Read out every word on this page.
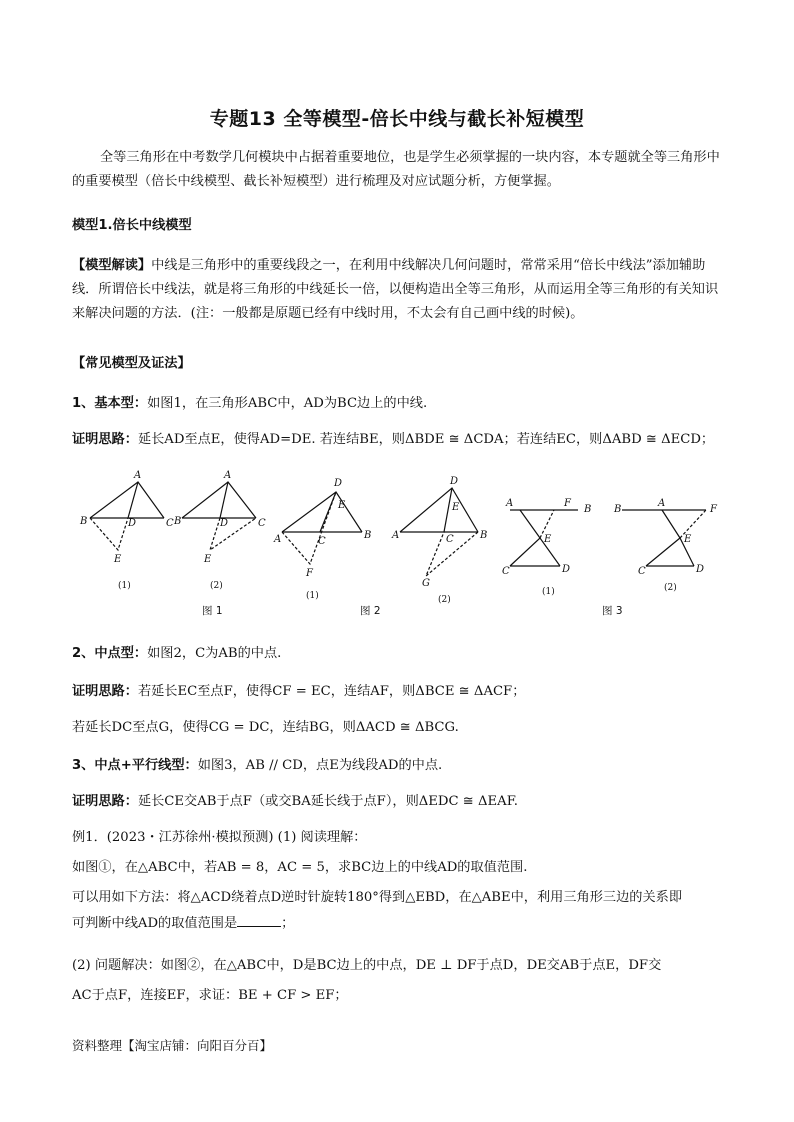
专题13 全等模型-倍长中线与截长补短模型
全等三角形在中考数学几何模块中占据着重要地位，也是学生必须掌握的一块内容，本专题就全等三角形中的重要模型（倍长中线模型、截长补短模型）进行梳理及对应试题分析，方便掌握。
模型1.倍长中线模型
【模型解读】中线是三角形中的重要线段之一，在利用中线解决几何问题时，常常采用“倍长中线法”添加辅助线．所谓倍长中线法，就是将三角形的中线延长一倍，以便构造出全等三角形，从而运用全等三角形的有关知识来解决问题的方法．(注：一般都是原题已经有中线时用，不太会有自己画中线的时候)。
【常见模型及证法】
1、基本型：如图1，在三角形ABC中，AD为BC边上的中线.
证明思路：延长AD至点E，使得AD=DE. 若连结BE，则ΔBDE ≅ ΔCDA；若连结EC，则ΔABD ≅ ΔECD；
A
B	D	C
E
A
B	D	C
E
D
E
A	C
B
F
D
E
A	C	B
G
A	F
B
E
C	D
B
A
F
E
C	D
(1)	(2)
(1)	(2)
(1)	(2)
图 1	图 2	图 3
2、中点型：如图2，C为AB的中点.
证明思路：若延长EC至点F，使得CF = EC，连结AF，则ΔBCE ≅ ΔACF；
若延长DC至点G，使得CG = DC，连结BG，则ΔACD ≅ ΔBCG.
3、中点+平行线型：如图3，AB // CD，点E为线段AD的中点.
证明思路：延长CE交AB于点F（或交BA延长线于点F），则ΔEDC ≅ ΔEAF.
例1．(2023・江苏徐州·模拟预测) (1) 阅读理解：
如图①，在△ABC中，若AB = 8，AC = 5，求BC边上的中线AD的取值范围.
可以用如下方法：将△ACD绕着点D逆时针旋转180°得到△EBD，在△ABE中，利用三角形三边的关系即
可判断中线AD的取值范围是	；
(2) 问题解决：如图②，在△ABC中，D是BC边上的中点，DE ⊥ DF于点D，DE交AB于点E，DF交
AC于点F，连接EF，求证：BE + CF > EF；
资料整理【淘宝店铺：向阳百分百】
